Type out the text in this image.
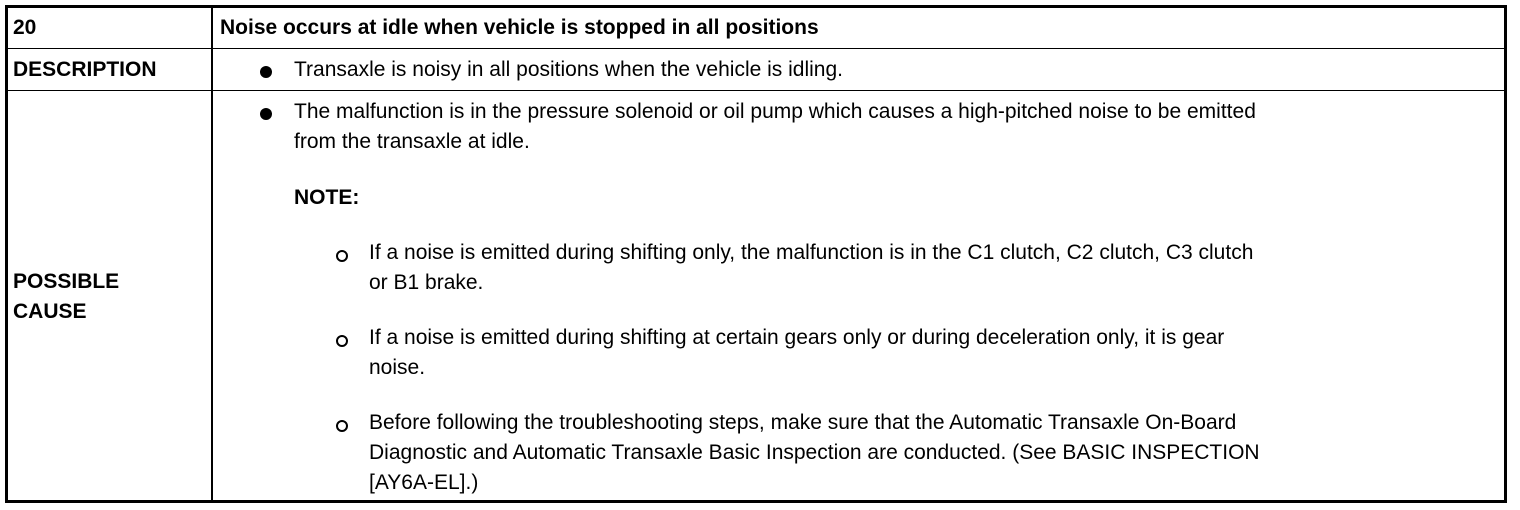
20	Noise occurs at idle when vehicle is stopped in all positions
DESCRIPTION	Transaxle is noisy in all positions when the vehicle is idling.
POSSIBLE
CAUSE
The malfunction is in the pressure solenoid or oil pump which causes a high-pitched noise to be emitted
from the transaxle at idle.
NOTE:
If a noise is emitted during shifting only, the malfunction is in the C1 clutch, C2 clutch, C3 clutch
or B1 brake.
If a noise is emitted during shifting at certain gears only or during deceleration only, it is gear
noise.
Before following the troubleshooting steps, make sure that the Automatic Transaxle On-Board
Diagnostic and Automatic Transaxle Basic Inspection are conducted. (See BASIC INSPECTION
[AY6A-EL].)
